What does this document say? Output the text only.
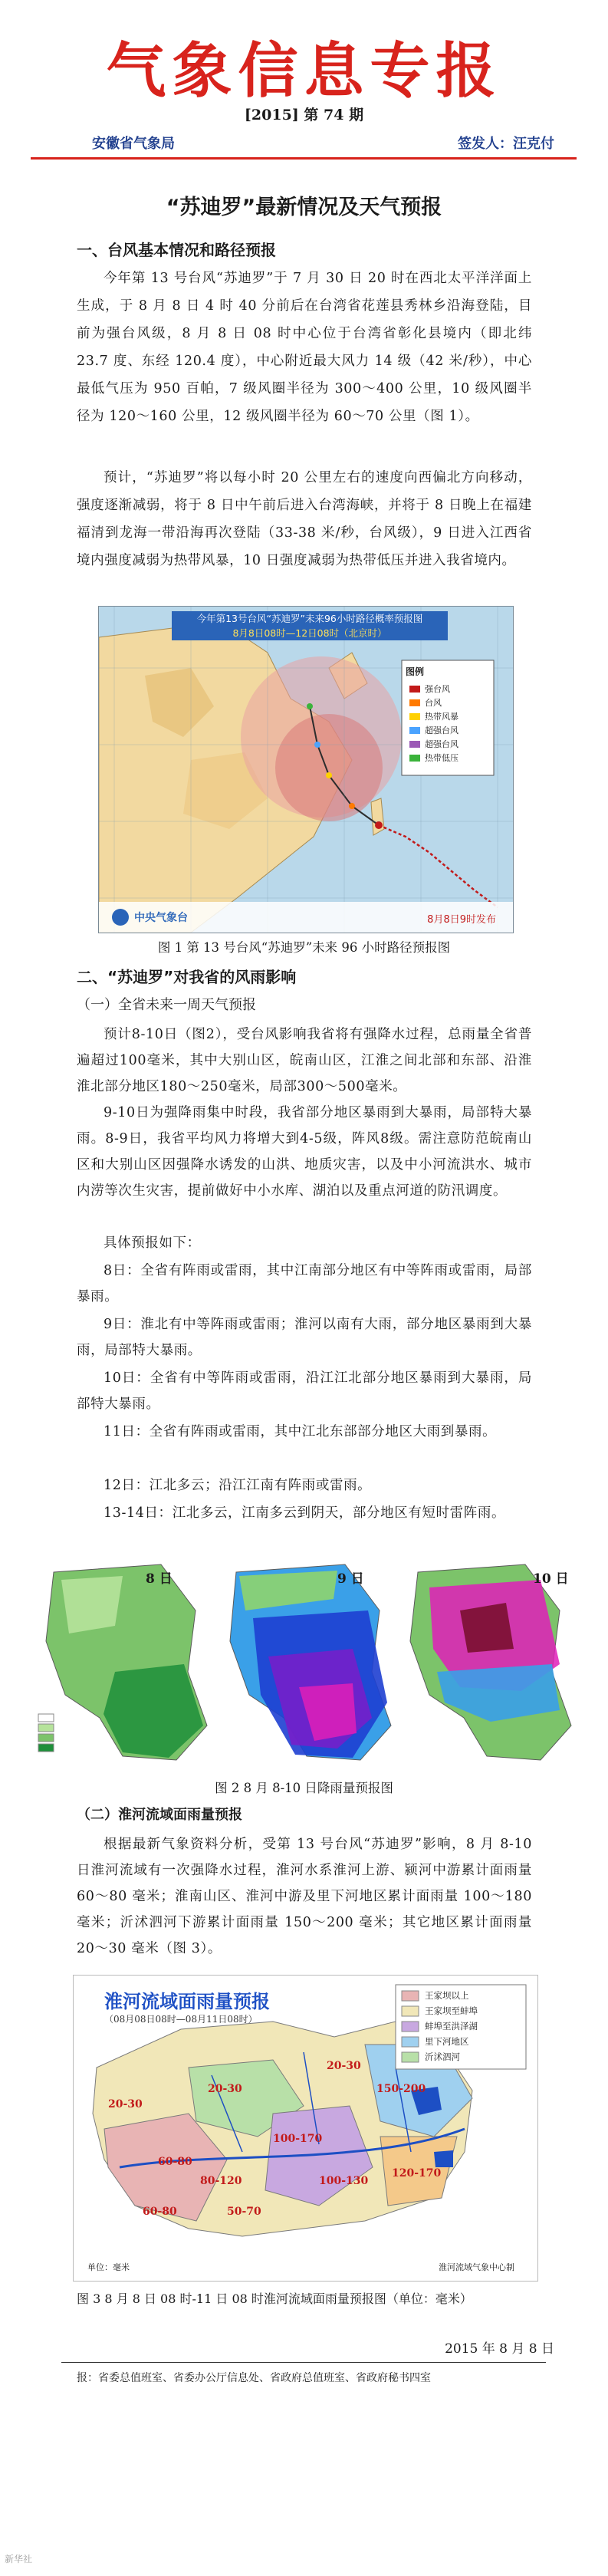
气象信息专报
[2015] 第 74 期
安徽省气象局	签发人：汪克付
“苏迪罗”最新情况及天气预报
一、台风基本情况和路径预报
今年第 13 号台风“苏迪罗”于 7 月 30 日 20 时在西北太平洋洋面上生成，于 8 月 8 日 4 时 40 分前后在台湾省花莲县秀林乡沿海登陆，目前为强台风级，8 月 8 日 08 时中心位于台湾省彰化县境内（即北纬 23.7 度、东经 120.4 度），中心附近最大风力 14 级（42 米/秒），中心最低气压为 950 百帕，7 级风圈半径为 300～400 公里，10 级风圈半径为 120～160 公里，12 级风圈半径为 60～70 公里（图 1）。
预计，“苏迪罗”将以每小时 20 公里左右的速度向西偏北方向移动，强度逐渐减弱，将于 8 日中午前后进入台湾海峡，并将于 8 日晚上在福建福清到龙海一带沿海再次登陆（33-38 米/秒，台风级），9 日进入江西省境内强度减弱为热带风暴，10 日强度减弱为热带低压并进入我省境内。
今年第13号台风“苏迪罗”未来96小时路径概率预报图
8月8日08时—12日08时（北京时）
图例
强台风
台风
热带风暴
超强台风
超强台风
热带低压
中央气象台	8月8日9时发布
图 1 第 13 号台风“苏迪罗”未来 96 小时路径预报图
二、“苏迪罗”对我省的风雨影响
（一）全省未来一周天气预报
预计8-10日（图2），受台风影响我省将有强降水过程，总雨量全省普遍超过100毫米，其中大别山区，皖南山区，江淮之间北部和东部、沿淮淮北部分地区180～250毫米，局部300～500毫米。
9-10日为强降雨集中时段，我省部分地区暴雨到大暴雨，局部特大暴雨。8-9日，我省平均风力将增大到4-5级，阵风8级。需注意防范皖南山区和大别山区因强降水诱发的山洪、地质灾害，以及中小河流洪水、城市内涝等次生灾害，提前做好中小水库、湖泊以及重点河道的防汛调度。
具体预报如下：
8日：全省有阵雨或雷雨，其中江南部分地区有中等阵雨或雷雨，局部暴雨。
9日：淮北有中等阵雨或雷雨；淮河以南有大雨，部分地区暴雨到大暴雨，局部特大暴雨。
10日：全省有中等阵雨或雷雨，沿江江北部分地区暴雨到大暴雨，局部特大暴雨。
11日：全省有阵雨或雷雨，其中江北东部部分地区大雨到暴雨。
12日：江北多云；沿江江南有阵雨或雷雨。
13-14日：江北多云，江南多云到阴天，部分地区有短时雷阵雨。
8 日	9 日	10 日
图 2 8 月 8-10 日降雨量预报图
（二）淮河流域面雨量预报
根据最新气象资料分析，受第 13 号台风“苏迪罗”影响，8 月 8-10 日淮河流域有一次强降水过程，淮河水系淮河上游、颍河中游累计面雨量 60～80 毫米；淮南山区、淮河中游及里下河地区累计面雨量 100～180 毫米；沂沭泗河下游累计面雨量 150～200 毫米；其它地区累计面雨量 20～30 毫米（图 3）。
淮河流域面雨量预报
（08月08日08时—08月11日08时）
王家坝以上
王家坝至蚌埠
蚌埠至洪泽湖
里下河地区
沂沭泗河
20-30
60-80
20-30	150-200
120-170
100-170
80-120	100-130
50-70
60-80
20-30
单位：毫米	淮河流域气象中心制
图 3 8 月 8 日 08 时-11 日 08 时淮河流域面雨量预报图（单位：毫米）
2015 年 8 月 8 日
报：省委总值班室、省委办公厅信息处、省政府总值班室、省政府秘书四室
新华社
